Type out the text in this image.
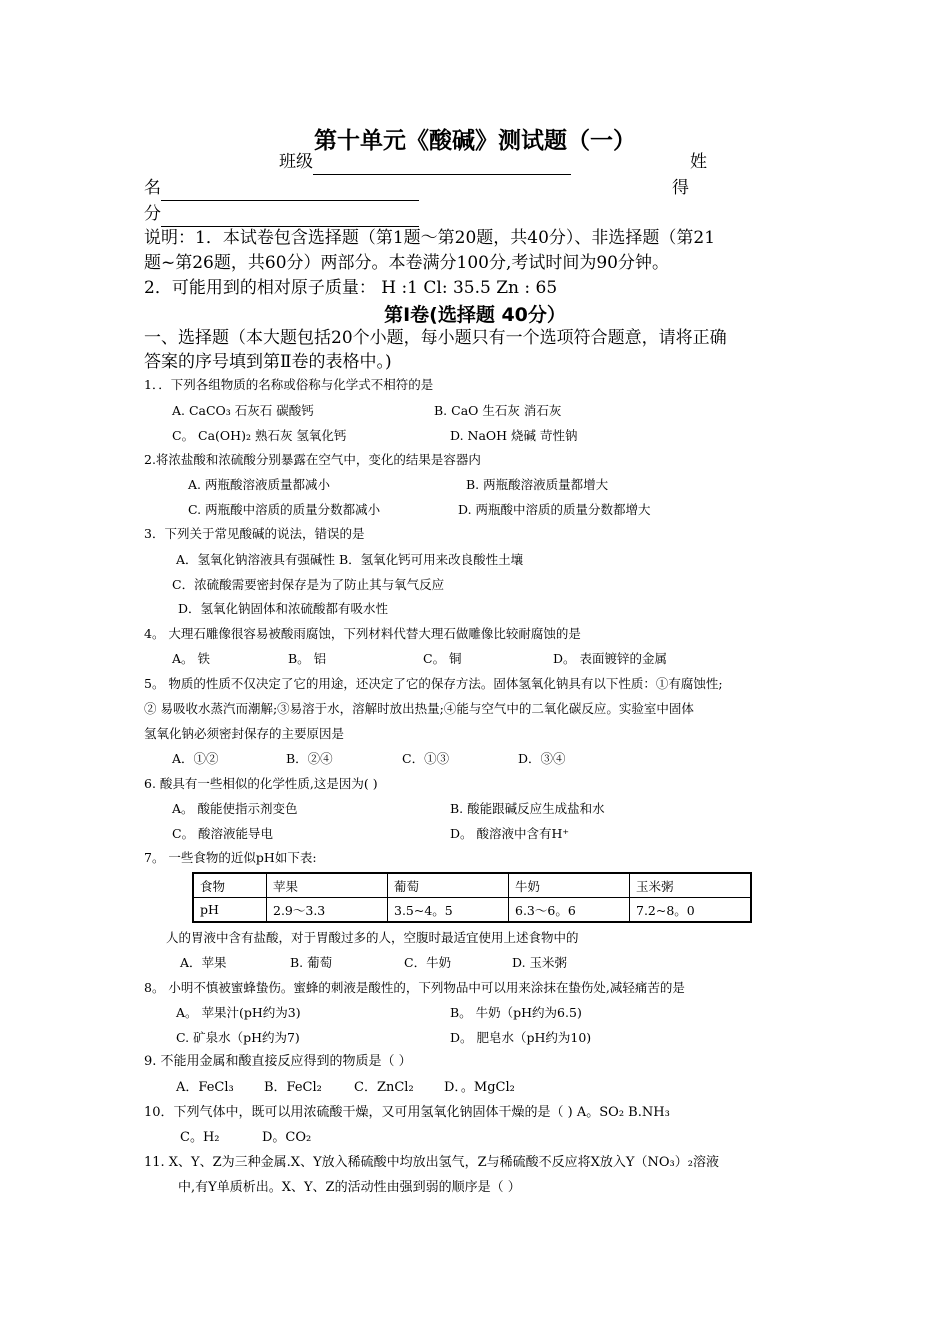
第十单元《酸碱》测试题（一）
班级	姓
名	得
分
说明：1．本试卷包含选择题（第1题～第20题，共40分）、非选择题（第21
题~第26题，共60分）两部分。本卷满分100分,考试时间为90分钟。
2．可能用到的相对原子质量： H :1 Cl: 35.5 Zn : 65
第Ⅰ卷(选择题 40分）
一、选择题（本大题包括20个小题，每小题只有一个选项符合题意，请将正确
答案的序号填到第Ⅱ卷的表格中。)
1．．下列各组物质的名称或俗称与化学式不相符的是
A. CaCO₃ 石灰石 碳酸钙	B. CaO 生石灰 消石灰
C。 Ca(OH)₂ 熟石灰 氢氧化钙	D. NaOH 烧碱 苛性钠
2.将浓盐酸和浓硫酸分别暴露在空气中，变化的结果是容器内
A. 两瓶酸溶液质量都减小	B. 两瓶酸溶液质量都增大
C. 两瓶酸中溶质的质量分数都减小	D. 两瓶酸中溶质的质量分数都增大
3．下列关于常见酸碱的说法，错误的是
A．氢氧化钠溶液具有强碱性 B．氢氧化钙可用来改良酸性土壤
C．浓硫酸需要密封保存是为了防止其与氧气反应
D．氢氧化钠固体和浓硫酸都有吸水性
4。 大理石雕像很容易被酸雨腐蚀，下列材料代替大理石做雕像比较耐腐蚀的是
A。 铁	B。 铝	C。 铜	D。 表面镀锌的金属
5。 物质的性质不仅决定了它的用途，还决定了它的保存方法。固体氢氧化钠具有以下性质：①有腐蚀性;
② 易吸收水蒸汽而潮解;③易溶于水，溶解时放出热量;④能与空气中的二氧化碳反应。实验室中固体
氢氧化钠必须密封保存的主要原因是
A．①②	B．②④	C．①③	D．③④
6. 酸具有一些相似的化学性质,这是因为( )
A。 酸能使指示剂变色	B. 酸能跟碱反应生成盐和水
C。 酸溶液能导电	D。 酸溶液中含有H⁺
7。 一些食物的近似pH如下表:
食物	苹果	葡萄	牛奶	玉米粥
pH	2.9～3.3	3.5~4。5	6.3～6。6	7.2~8。0
人的胃液中含有盐酸，对于胃酸过多的人，空腹时最适宜使用上述食物中的
A．苹果	B. 葡萄	C．牛奶	D. 玉米粥
8。 小明不慎被蜜蜂蛰伤。蜜蜂的刺液是酸性的，下列物品中可以用来涂抹在蛰伤处,减轻痛苦的是
A。 苹果汁(pH约为3)	B。 牛奶（pH约为6.5)
C. 矿泉水（pH约为7)	D。 肥皂水（pH约为10)
9. 不能用金属和酸直接反应得到的物质是（ ）
A．FeCl₃ B．FeCl₂ C．ZnCl₂ D．。MgCl₂
10．下列气体中，既可以用浓硫酸干燥，又可用氢氧化钠固体干燥的是（ ) A。SO₂ B.NH₃
C。H₂	D。CO₂
11. X、Y、Z为三种金属.X、Y放入稀硫酸中均放出氢气，Z与稀硫酸不反应将X放入Y（NO₃）₂溶液
中,有Y单质析出。X、Y、Z的活动性由强到弱的顺序是（ ）
